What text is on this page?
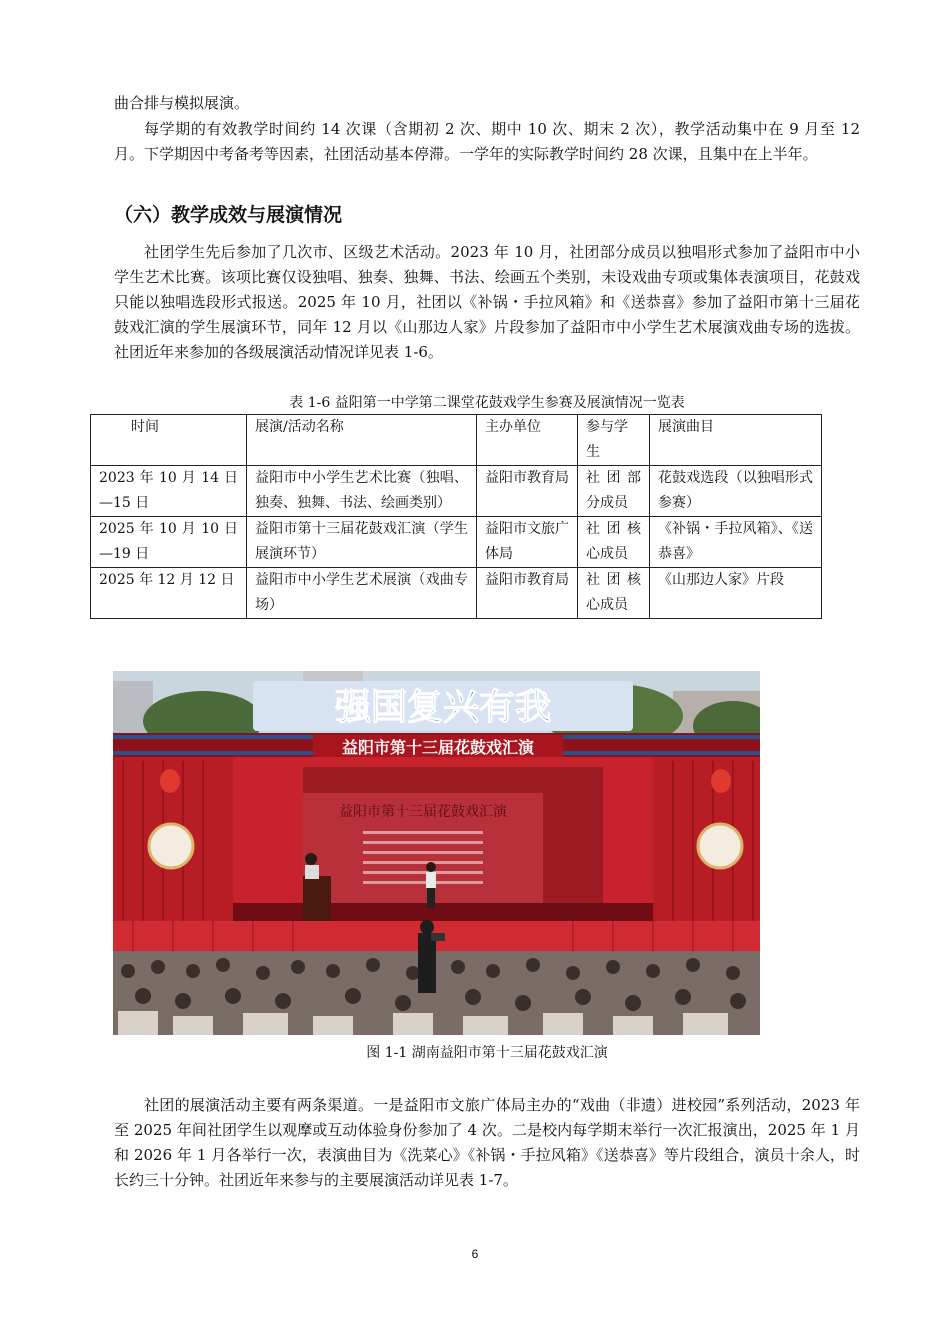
曲合排与模拟展演。

每学期的有效教学时间约 14 次课（含期初 2 次、期中 10 次、期末 2 次），教学活动集中在 9 月至 12 月。下学期因中考备考等因素，社团活动基本停滞。一学年的实际教学时间约 28 次课，且集中在上半年。

（六）教学成效与展演情况

社团学生先后参加了几次市、区级艺术活动。2023 年 10 月，社团部分成员以独唱形式参加了益阳市中小学生艺术比赛。该项比赛仅设独唱、独奏、独舞、书法、绘画五个类别，未设戏曲专项或集体表演项目，花鼓戏只能以独唱选段形式报送。2025 年 10 月，社团以《补锅・手拉风箱》和《送恭喜》参加了益阳市第十三届花鼓戏汇演的学生展演环节，同年 12 月以《山那边人家》片段参加了益阳市中小学生艺术展演戏曲专场的选拔。社团近年来参加的各级展演活动情况详见表 1-6。

表 1-6 益阳第一中学第二课堂花鼓戏学生参赛及展演情况一览表

时间	展演/活动名称	主办单位	参与学生	展演曲目
2023 年 10 月 14 日—15 日	益阳市中小学生艺术比赛（独唱、独奏、独舞、书法、绘画类别）	益阳市教育局	社团部分成员	花鼓戏选段（以独唱形式参赛）
2025 年 10 月 10 日—19 日	益阳市第十三届花鼓戏汇演（学生展演环节）	益阳市文旅广体局	社团核心成员	《补锅・手拉风箱》、《送恭喜》
2025 年 12 月 12 日	益阳市中小学生艺术展演（戏曲专场）	益阳市教育局	社团核心成员	《山那边人家》片段
强国复兴有我
益阳市第十三届花鼓戏汇演
益阳市第十三届花鼓戏汇演

图 1-1 湖南益阳市第十三届花鼓戏汇演

社团的展演活动主要有两条渠道。一是益阳市文旅广体局主办的“戏曲（非遗）进校园”系列活动，2023 年至 2025 年间社团学生以观摩或互动体验身份参加了 4 次。二是校内每学期末举行一次汇报演出，2025 年 1 月和 2026 年 1 月各举行一次，表演曲目为《洗菜心》《补锅・手拉风箱》《送恭喜》等片段组合，演员十余人，时长约三十分钟。社团近年来参与的主要展演活动详见表 1-7。

6
